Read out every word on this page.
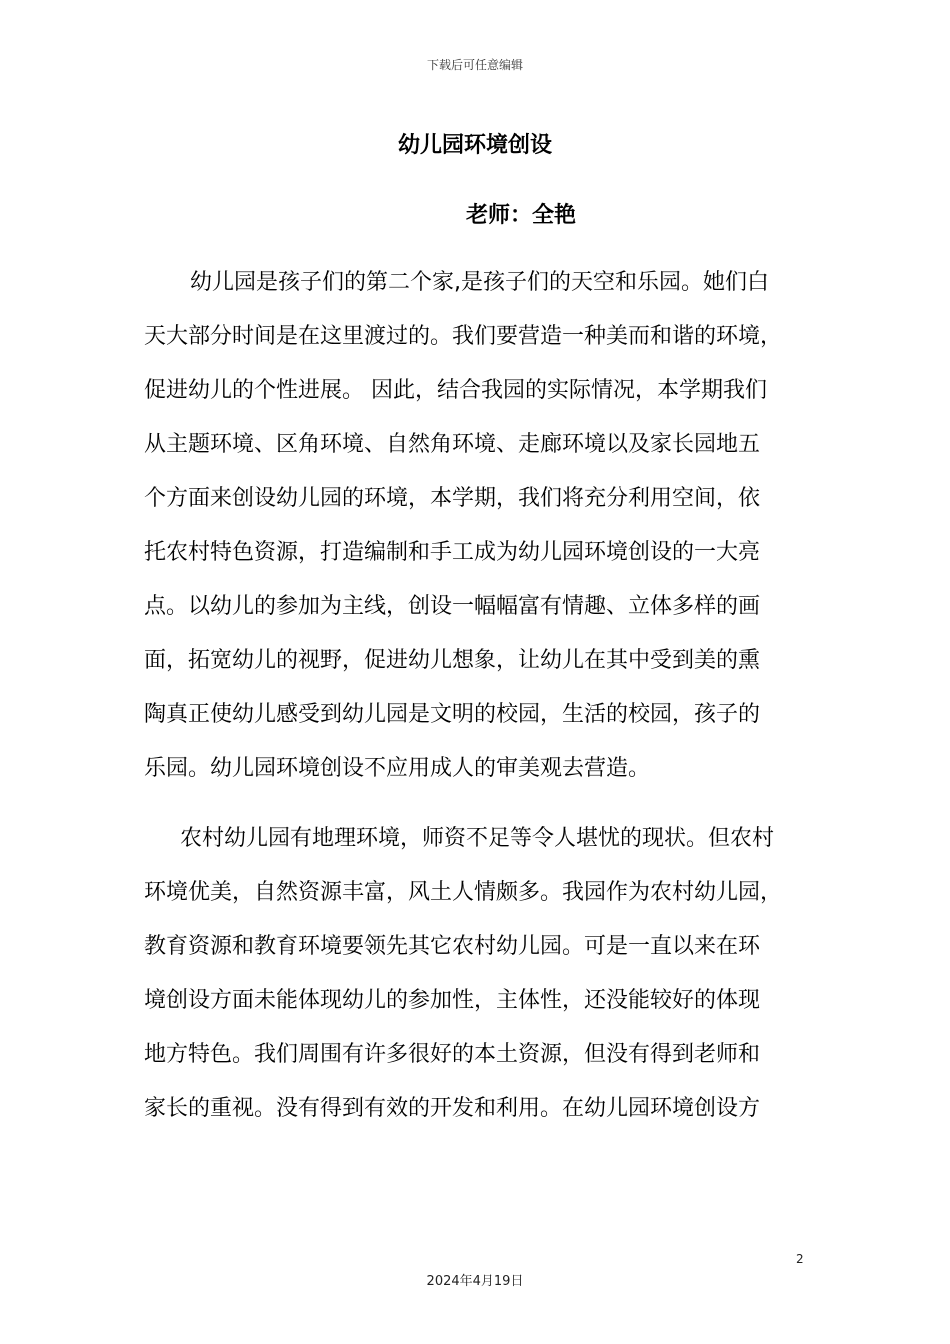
下载后可任意编辑
幼儿园环境创设
老师：全艳
幼儿园是孩子们的第二个家,是孩子们的天空和乐园。她们白
天大部分时间是在这里渡过的。我们要营造一种美而和谐的环境，
促进幼儿的个性进展。 因此，结合我园的实际情况，本学期我们
从主题环境、区角环境、自然角环境、走廊环境以及家长园地五
个方面来创设幼儿园的环境，本学期，我们将充分利用空间，依
托农村特色资源，打造编制和手工成为幼儿园环境创设的一大亮
点。以幼儿的参加为主线，创设一幅幅富有情趣、立体多样的画
面，拓宽幼儿的视野，促进幼儿想象，让幼儿在其中受到美的熏
陶真正使幼儿感受到幼儿园是文明的校园，生活的校园，孩子的
乐园。幼儿园环境创设不应用成人的审美观去营造。
农村幼儿园有地理环境，师资不足等令人堪忧的现状。但农村
环境优美，自然资源丰富，风土人情颇多。我园作为农村幼儿园，
教育资源和教育环境要领先其它农村幼儿园。可是一直以来在环
境创设方面未能体现幼儿的参加性，主体性，还没能较好的体现
地方特色。我们周围有许多很好的本土资源，但没有得到老师和
家长的重视。没有得到有效的开发和利用。在幼儿园环境创设方
2
2024年4月19日
